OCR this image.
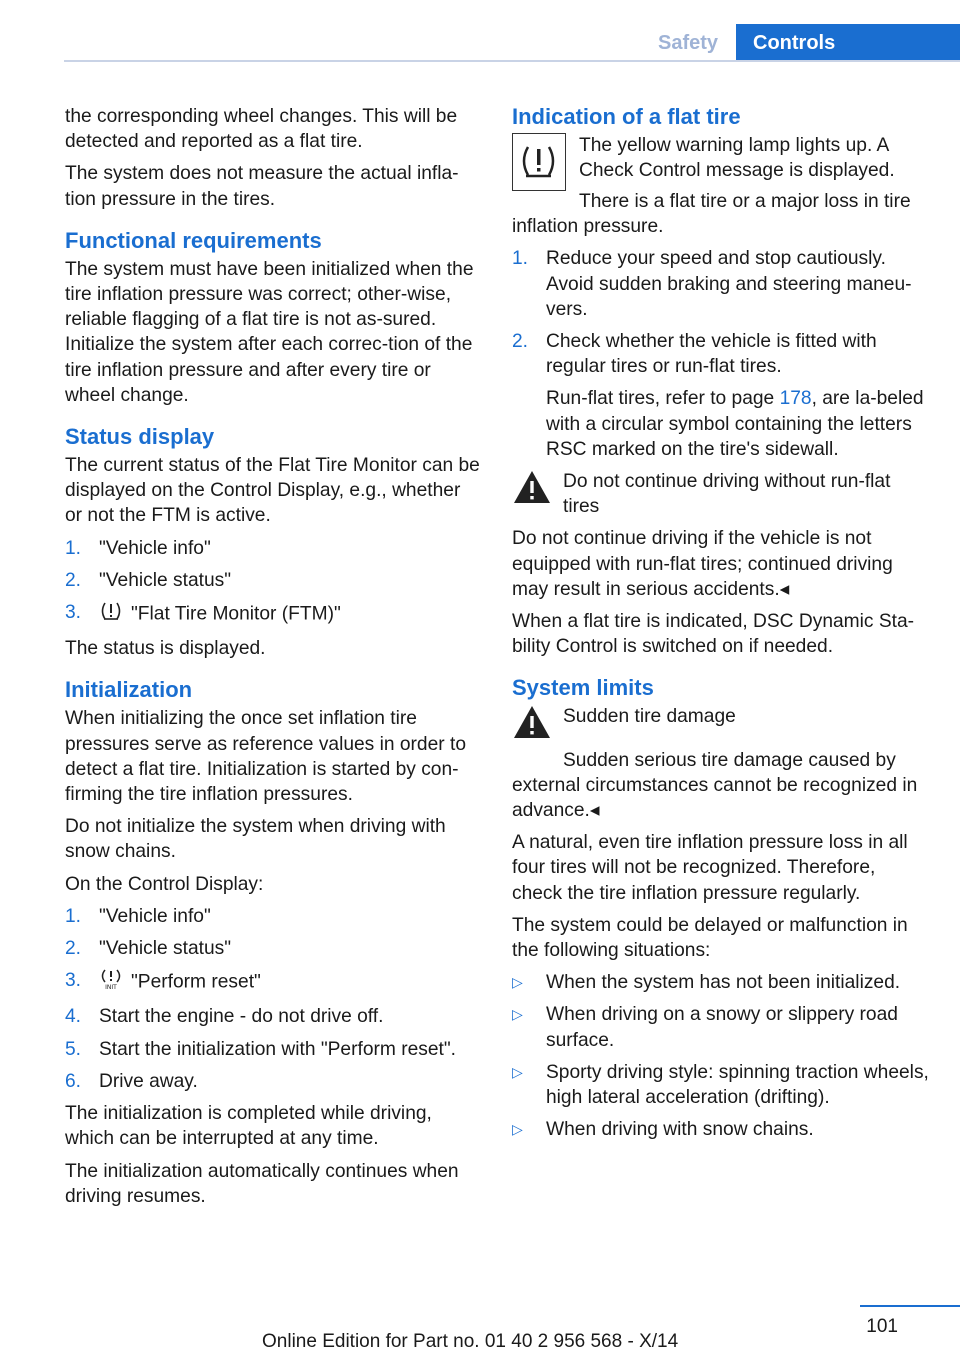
Safety Controls

the corresponding wheel changes. This will be detected and reported as a flat tire.

The system does not measure the actual infla-tion pressure in the tires.

Functional requirements

The system must have been initialized when the tire inflation pressure was correct; other-wise, reliable flagging of a flat tire is not as-sured. Initialize the system after each correc-tion of the tire inflation pressure and after every tire or wheel change.

Status display

The current status of the Flat Tire Monitor can be displayed on the Control Display, e.g., whether or not the FTM is active.

1. "Vehicle info"
2. "Vehicle status"
3.	"Flat Tire Monitor (FTM)"

The status is displayed.

Initialization

When initializing the once set inflation tire pressures serve as reference values in order to detect a flat tire. Initialization is started by con-firming the tire inflation pressures.

Do not initialize the system when driving with snow chains.

On the Control Display:

1. "Vehicle info"
2. "Vehicle status"
3.	INIT "Perform reset"
4. Start the engine - do not drive off.
5. Start the initialization with "Perform reset".
6. Drive away.

The initialization is completed while driving, which can be interrupted at any time.

The initialization automatically continues when driving resumes.

Indication of a flat tire

The yellow warning lamp lights up. A Check Control message is displayed.

There is a flat tire or a major loss in tire inflation pressure.

1. Reduce your speed and stop cautiously. Avoid sudden braking and steering maneu-vers.
2. Check whether the vehicle is fitted with regular tires or run-flat tires.
Run-flat tires, refer to page 178, are la-beled with a circular symbol containing the letters RSC marked on the tire's sidewall.

Do not continue driving without run-flat tires

Do not continue driving if the vehicle is not equipped with run-flat tires; continued driving may result in serious accidents.◂

When a flat tire is indicated, DSC Dynamic Sta-bility Control is switched on if needed.

System limits

Sudden tire damage

Sudden serious tire damage caused by external circumstances cannot be recognized in advance.◂

A natural, even tire inflation pressure loss in all four tires will not be recognized. Therefore, check the tire inflation pressure regularly.

The system could be delayed or malfunction in the following situations:

▷	When the system has not been initialized.
▷	When driving on a snowy or slippery road surface.
▷	Sporty driving style: spinning traction wheels, high lateral acceleration (drifting).
▷	When driving with snow chains.
101
Online Edition for Part no. 01 40 2 956 568 - X/14
